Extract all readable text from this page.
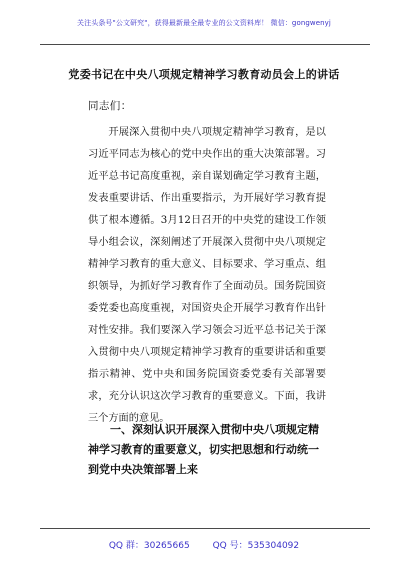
关注头条号"公文研究"，获得最新最全最专业的公文资料库！ 微信：gongwenyj
党委书记在中央八项规定精神学习教育动员会上的讲话
同志们：

开展深入贯彻中央八项规定精神学习教育，是以习近平同志为核心的党中央作出的重大决策部署。习近平总书记高度重视，亲自谋划确定学习教育主题，发表重要讲话、作出重要指示，为开展好学习教育提供了根本遵循。3月12日召开的中央党的建设工作领导小组会议，深刻阐述了开展深入贯彻中央八项规定精神学习教育的重大意义、目标要求、学习重点、组织领导，为抓好学习教育作了全面动员。国务院国资委党委也高度重视，对国资央企开展学习教育作出针对性安排。我们要深入学习领会习近平总书记关于深入贯彻中央八项规定精神学习教育的重要讲话和重要指示精神、党中央和国务院国资委党委有关部署要求，充分认识这次学习教育的重要意义。下面，我讲三个方面的意见。

一、深刻认识开展深入贯彻中央八项规定精神学习教育的重要意义，切实把思想和行动统一到党中央决策部署上来

QQ 群：30265665	QQ 号：535304092
